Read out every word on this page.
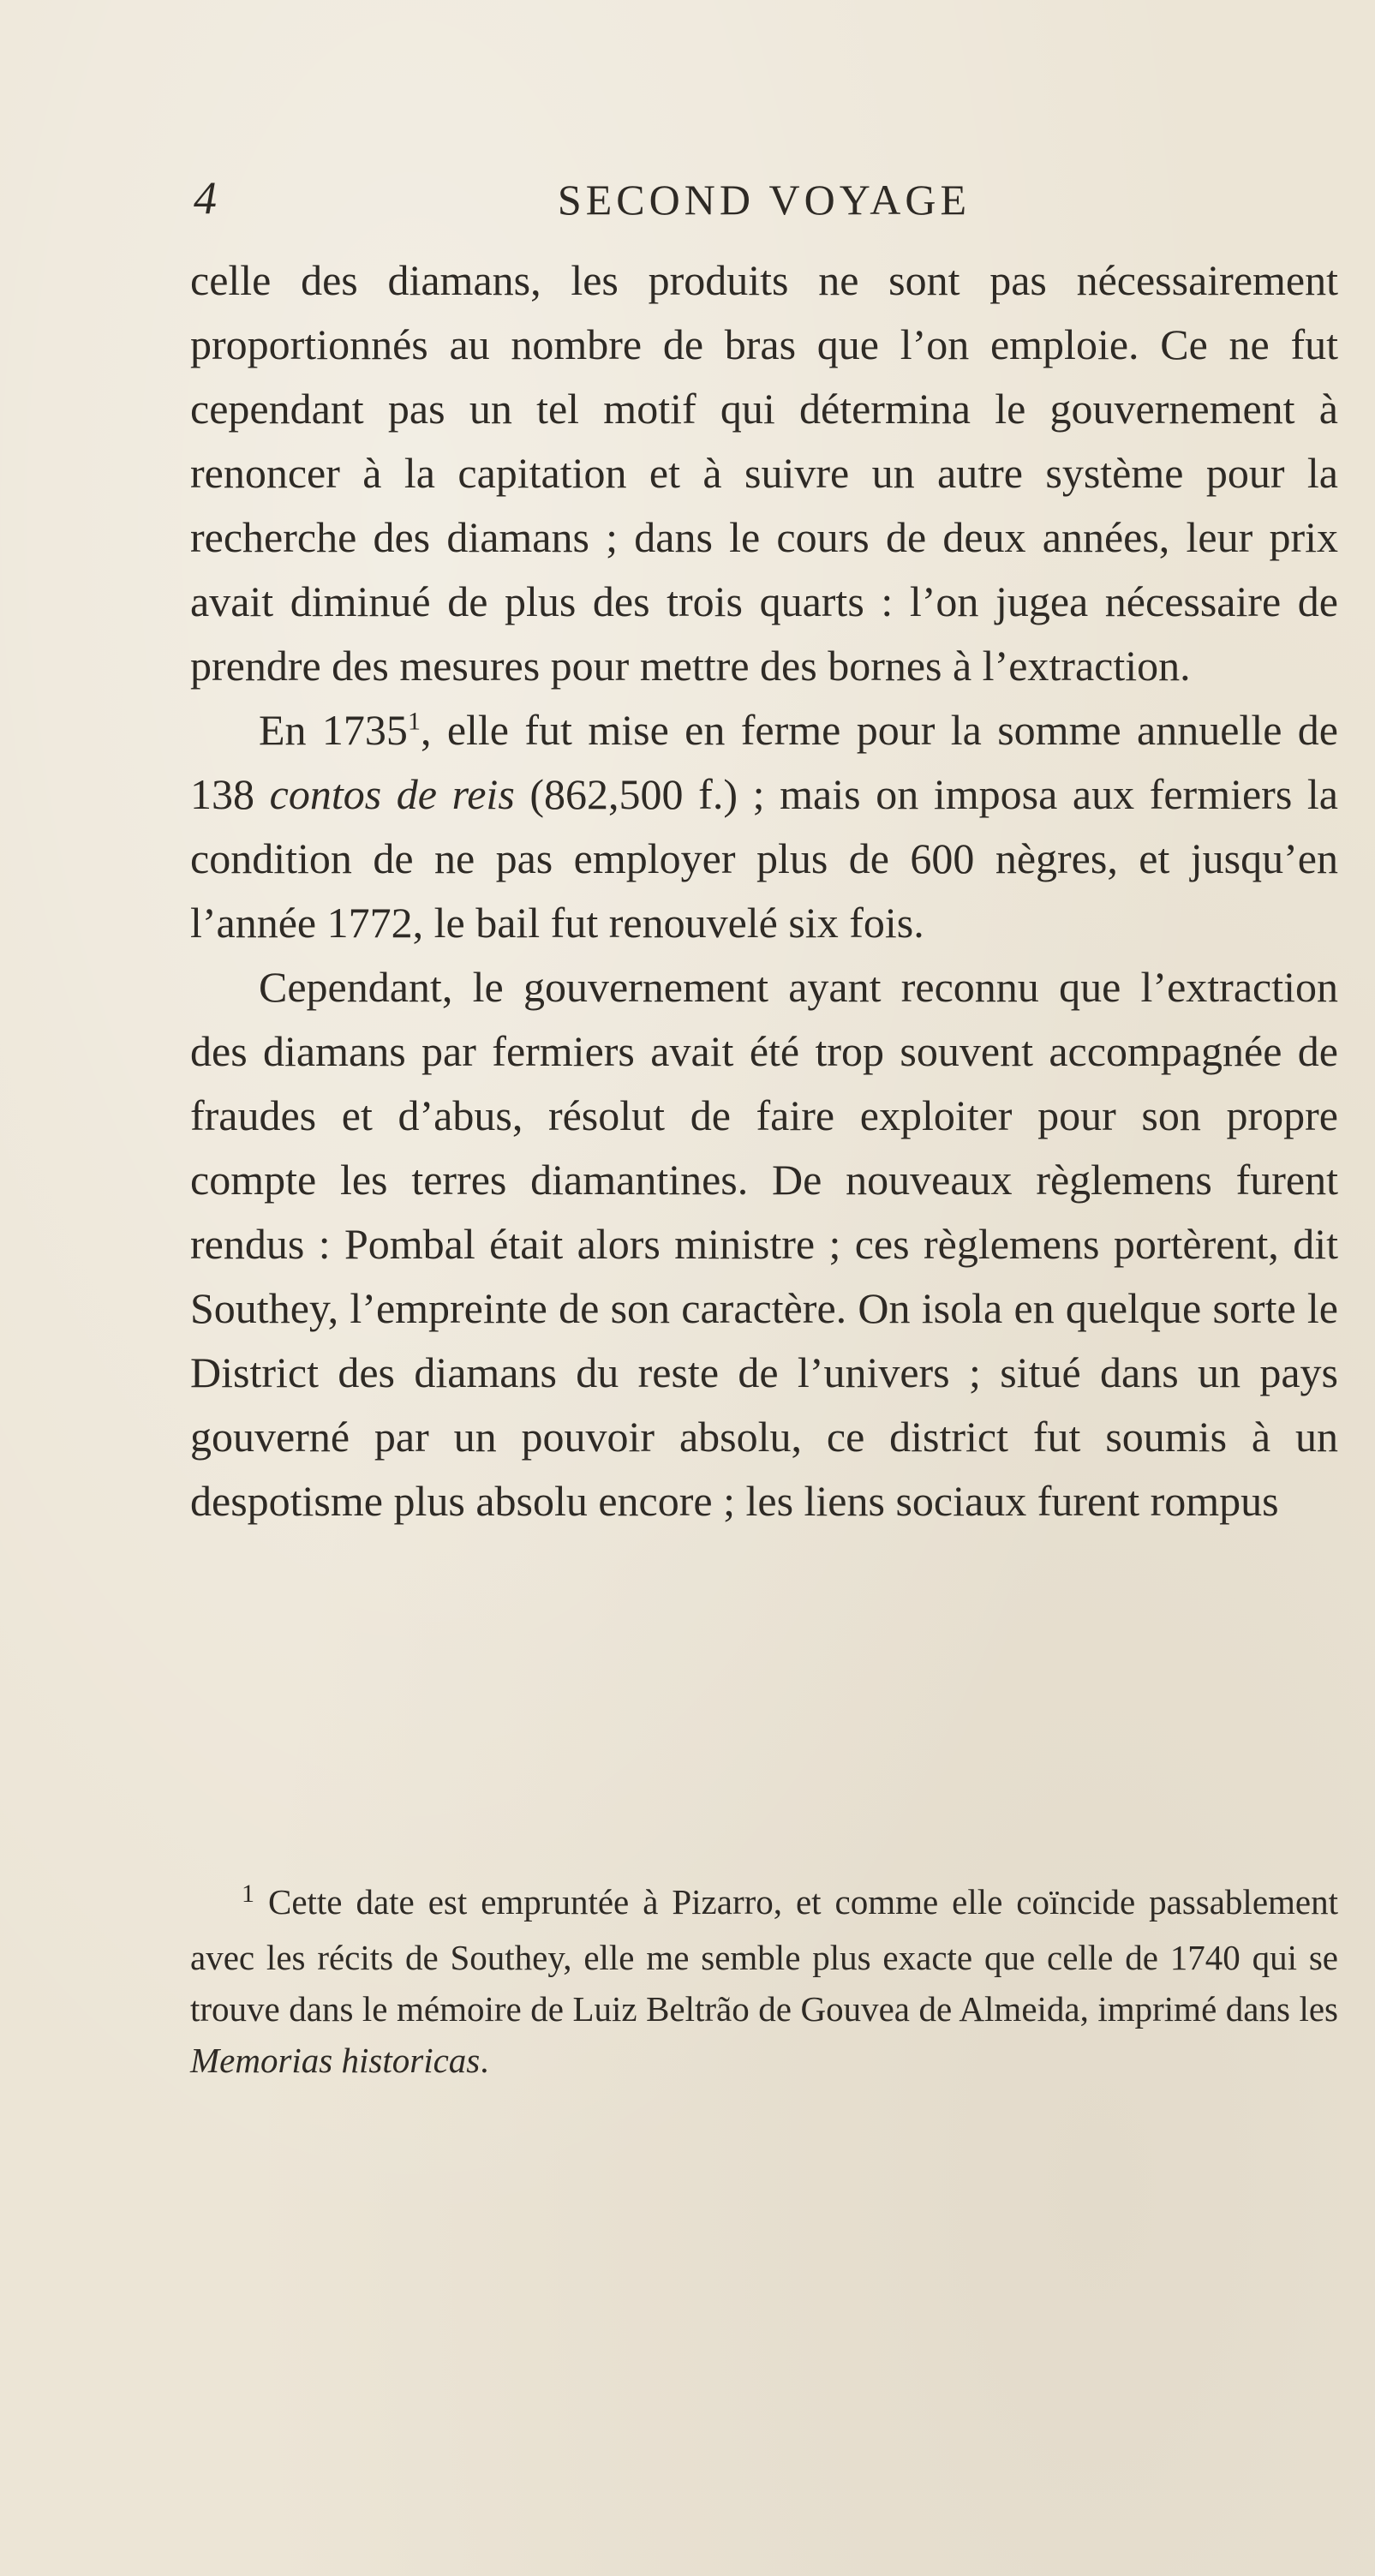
4	SECOND VOYAGE

celle des diamans, les produits ne sont pas nécessairement proportionnés au nombre de bras que l’on emploie. Ce ne fut cependant pas un tel motif qui détermina le gouvernement à renoncer à la capitation et à suivre un autre système pour la recherche des diamans ; dans le cours de deux années, leur prix avait diminué de plus des trois quarts : l’on jugea nécessaire de prendre des mesures pour mettre des bornes à l’extraction.

En 1735$^1$, elle fut mise en ferme pour la somme annuelle de 138 contos de reis (862,500 f.) ; mais on imposa aux fermiers la condition de ne pas employer plus de 600 nègres, et jusqu’en l’année 1772, le bail fut renouvelé six fois.

Cependant, le gouvernement ayant reconnu que l’extraction des diamans par fermiers avait été trop souvent accompagnée de fraudes et d’abus, résolut de faire exploiter pour son propre compte les terres diamantines. De nouveaux règlemens furent rendus : Pombal était alors ministre ; ces règlemens portèrent, dit Southey, l’empreinte de son caractère. On isola en quelque sorte le District des diamans du reste de l’univers ; situé dans un pays gouverné par un pouvoir absolu, ce district fut soumis à un despotisme plus absolu encore ; les liens sociaux furent rompus

$^1$ Cette date est empruntée à Pizarro, et comme elle coïncide passablement avec les récits de Southey, elle me semble plus exacte que celle de 1740 qui se trouve dans le mémoire de Luiz Beltrão de Gouvea de Almeida, imprimé dans les Memorias historicas.
